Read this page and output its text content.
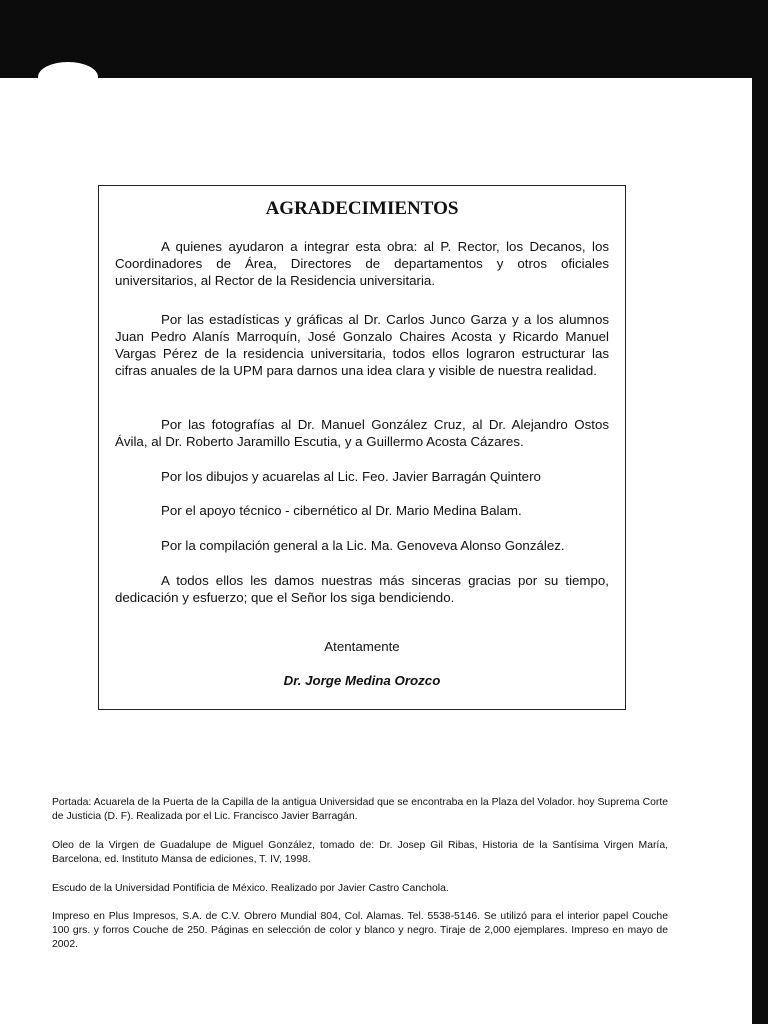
AGRADECIMIENTOS
A quienes ayudaron a integrar esta obra: al P. Rector, los Decanos, los Coordinadores de Área, Directores de departamentos y otros oficiales universitarios, al Rector de la Residencia universitaria.
Por las estadísticas y gráficas al Dr. Carlos Junco Garza y a los alumnos Juan Pedro Alanís Marroquín, José Gonzalo Chaires Acosta y Ricardo Manuel Vargas Pérez de la residencia universitaria, todos ellos lograron estructurar las cifras anuales de la UPM para darnos una idea clara y visible de nuestra realidad.
Por las fotografías al Dr. Manuel González Cruz, al Dr. Alejandro Ostos Ávila, al Dr. Roberto Jaramillo Escutia, y a Guillermo Acosta Cázares.
Por los dibujos y acuarelas al Lic. Feo. Javier Barragán Quintero
Por el apoyo técnico - cibernético al Dr. Mario Medina Balam.
Por la compilación general a la Lic. Ma. Genoveva Alonso González.
A todos ellos les damos nuestras más sinceras gracias por su tiempo, dedicación y esfuerzo; que el Señor los siga bendiciendo.
Atentamente
Dr. Jorge Medina Orozco
Portada: Acuarela de la Puerta de la Capilla de la antigua Universidad que se encontraba en la Plaza del Volador. hoy Suprema Corte de Justicia (D. F). Realizada por el Lic. Francisco Javier Barragán.
Oleo de la Virgen de Guadalupe de Miguel González, tomado de: Dr. Josep Gil Ribas, Historia de la Santísima Virgen María, Barcelona, ed. Instituto Mansa de ediciones, T. IV, 1998.
Escudo de la Universidad Pontificia de México. Realizado por Javier Castro Canchola.
Impreso en Plus Impresos, S.A. de C.V. Obrero Mundial 804, Col. Alamas. Tel. 5538-5146. Se utilizó para el interior papel Couche 100 grs. y forros Couche de 250. Páginas en selección de color y blanco y negro. Tiraje de 2,000 ejemplares. Impreso en mayo de 2002.
